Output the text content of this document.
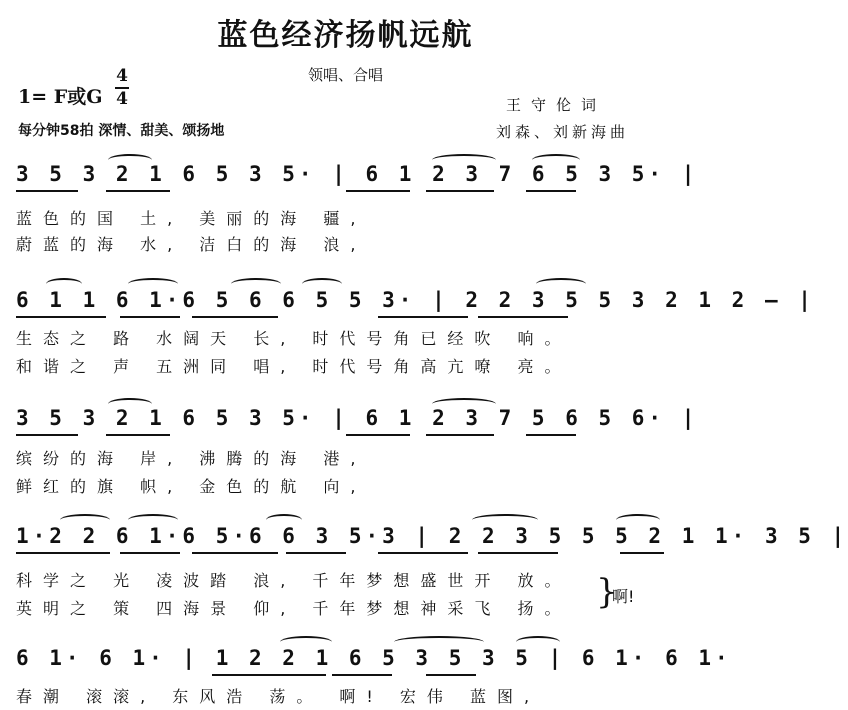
蓝色经济扬帆远航
领唱、合唱
1= F或G
4
4
每分钟58拍 深情、甜美、颂扬地
王守伦词
刘森、刘新海曲
3 5 3 2 1 6 5 3 5· | 6 1 2 3 7 6 5 3 5· |
蓝色的国 土, 美丽的海 疆,
蔚蓝的海 水, 洁白的海 浪,
6 1 1 6 1·6 5 6 6 5 5 3· | 2 2 3 5 5 3 2 1 2 – |
生态之 路 水阔天 长, 时代号角已经吹 响。
和谐之 声 五洲同 唱, 时代号角高亢嘹 亮。
3 5 3 2 1 6 5 3 5· | 6 1 2 3 7 5 6 5 6· |
缤纷的海 岸, 沸腾的海 港,
鲜红的旗 帜, 金色的航 向,
1·2 2 6 1·6 5·6 6 3 5·3 | 2 2 3 5 5 5 2 1 1· 3 5 |
科学之 光 凌波踏 浪, 千年梦想盛世开 放。
英明之 策 四海景 仰, 千年梦想神采飞 扬。 }
啊!
6 1· 6 1· | 1 2 2 1 6 5 3 5 3 5 | 6 1· 6 1·
春潮 滚滚, 东风浩 荡。 啊! 宏伟 蓝图,
